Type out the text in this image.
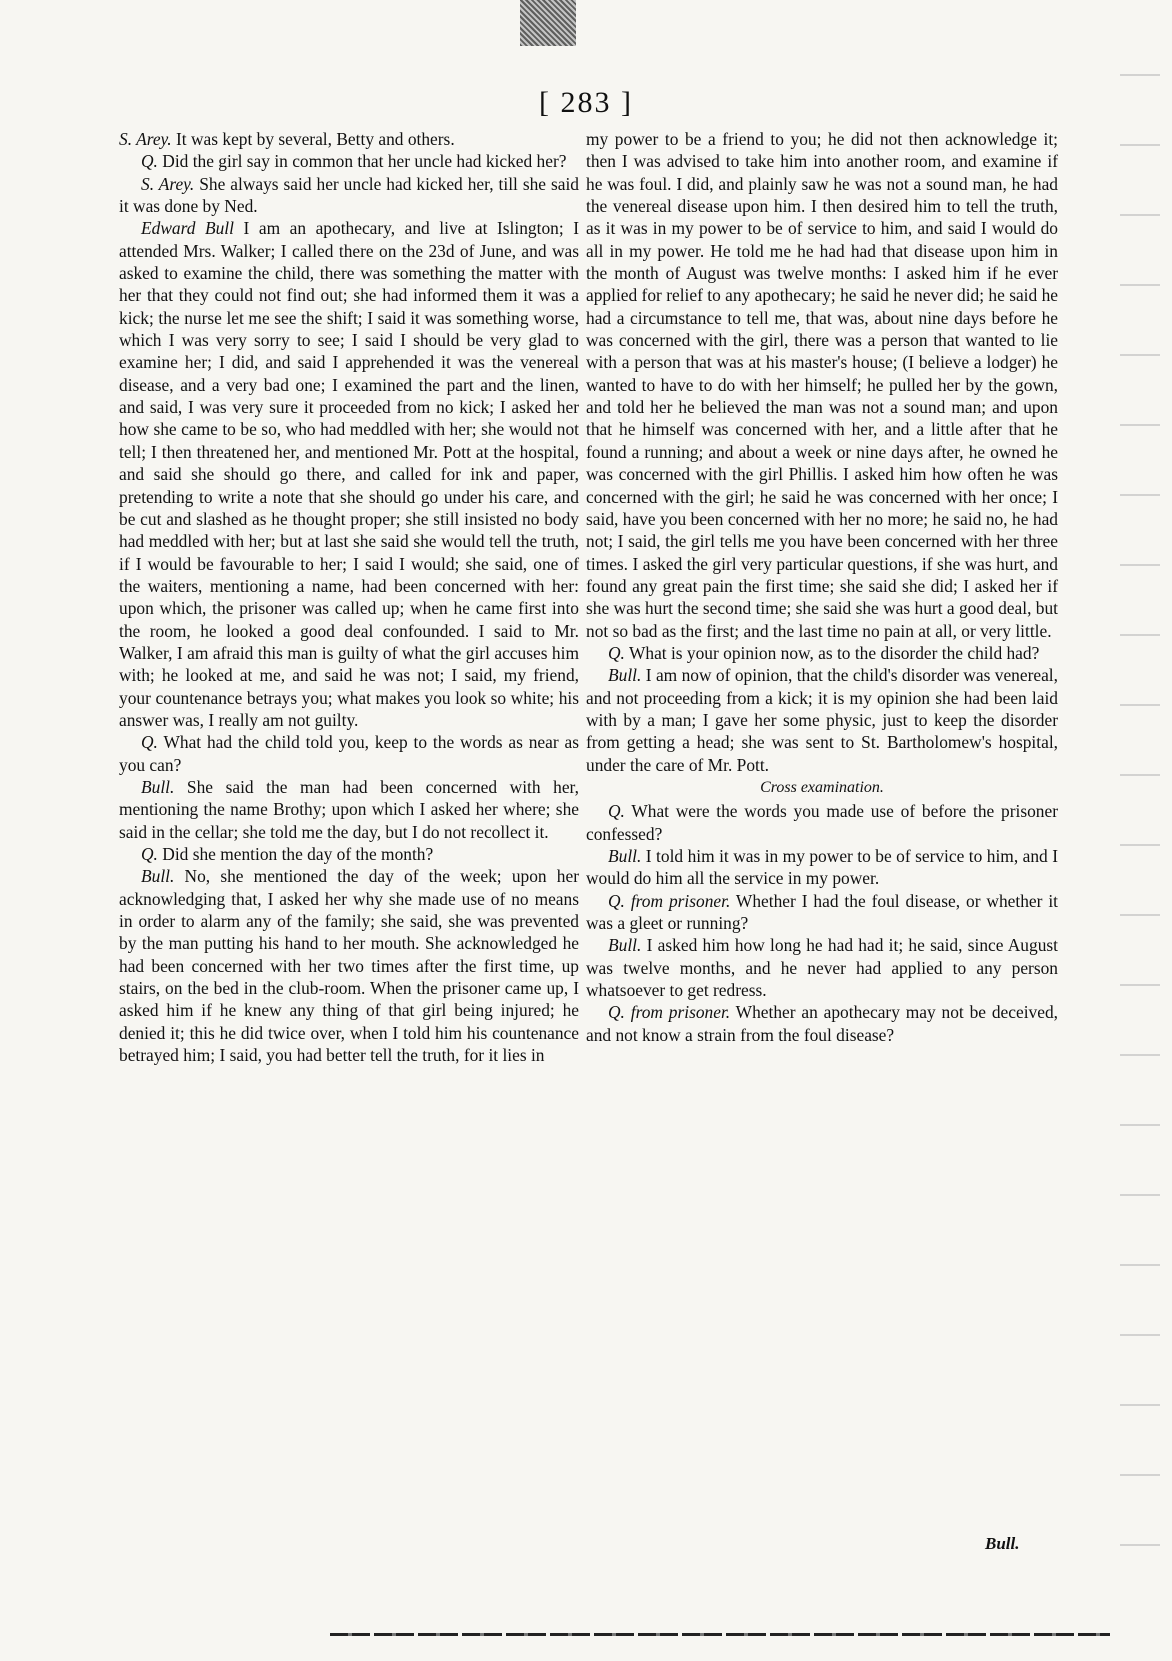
[ 283 ]

S. Arey. It was kept by several, Betty and others.

Q. Did the girl say in common that her uncle had kicked her?

S. Arey. She always said her uncle had kicked her, till she said it was done by Ned.

Edward Bull I am an apothecary, and live at Islington; I attended Mrs. Walker; I called there on the 23d of June, and was asked to examine the child, there was something the matter with her that they could not find out; she had informed them it was a kick; the nurse let me see the shift; I said it was something worse, which I was very sorry to see; I said I should be very glad to examine her; I did, and said I apprehended it was the venereal disease, and a very bad one; I examined the part and the linen, and said, I was very sure it proceeded from no kick; I asked her how she came to be so, who had meddled with her; she would not tell; I then threatened her, and mentioned Mr. Pott at the hospital, and said she should go there, and called for ink and paper, pretending to write a note that she should go under his care, and be cut and slashed as he thought proper; she still insisted no body had meddled with her; but at last she said she would tell the truth, if I would be favourable to her; I said I would; she said, one of the waiters, mentioning a name, had been concerned with her: upon which, the prisoner was called up; when he came first into the room, he looked a good deal confounded. I said to Mr. Walker, I am afraid this man is guilty of what the girl accuses him with; he looked at me, and said he was not; I said, my friend, your countenance betrays you; what makes you look so white; his answer was, I really am not guilty.

Q. What had the child told you, keep to the words as near as you can?

Bull. She said the man had been concerned with her, mentioning the name Brothy; upon which I asked her where; she said in the cellar; she told me the day, but I do not recollect it.

Q. Did she mention the day of the month?

Bull. No, she mentioned the day of the week; upon her acknowledging that, I asked her why she made use of no means in order to alarm any of the family; she said, she was prevented by the man putting his hand to her mouth. She acknowledged he had been concerned with her two times after the first time, up stairs, on the bed in the club-room. When the prisoner came up, I asked him if he knew any thing of that girl being injured; he denied it; this he did twice over, when I told him his countenance betrayed him; I said, you had better tell the truth, for it lies in

my power to be a friend to you; he did not then acknowledge it; then I was advised to take him into another room, and examine if he was foul. I did, and plainly saw he was not a sound man, he had the venereal disease upon him. I then desired him to tell the truth, as it was in my power to be of service to him, and said I would do all in my power. He told me he had had that disease upon him in the month of August was twelve months: I asked him if he ever applied for relief to any apothecary; he said he never did; he said he had a circumstance to tell me, that was, about nine days before he was concerned with the girl, there was a person that wanted to lie with a person that was at his master's house; (I believe a lodger) he wanted to have to do with her himself; he pulled her by the gown, and told her he believed the man was not a sound man; and upon that he himself was concerned with her, and a little after that he found a running; and about a week or nine days after, he owned he was concerned with the girl Phillis. I asked him how often he was concerned with the girl; he said he was concerned with her once; I said, have you been concerned with her no more; he said no, he had not; I said, the girl tells me you have been concerned with her three times. I asked the girl very particular questions, if she was hurt, and found any great pain the first time; she said she did; I asked her if she was hurt the second time; she said she was hurt a good deal, but not so bad as the first; and the last time no pain at all, or very little.

Q. What is your opinion now, as to the disorder the child had?

Bull. I am now of opinion, that the child's disorder was venereal, and not proceeding from a kick; it is my opinion she had been laid with by a man; I gave her some physic, just to keep the disorder from getting a head; she was sent to St. Bartholomew's hospital, under the care of Mr. Pott.

Cross examination.

Q. What were the words you made use of before the prisoner confessed?

Bull. I told him it was in my power to be of service to him, and I would do him all the service in my power.

Q. from prisoner. Whether I had the foul disease, or whether it was a gleet or running?

Bull. I asked him how long he had had it; he said, since August was twelve months, and he never had applied to any person whatsoever to get redress.

Q. from prisoner. Whether an apothecary may not be deceived, and not know a strain from the foul disease?

Bull.
